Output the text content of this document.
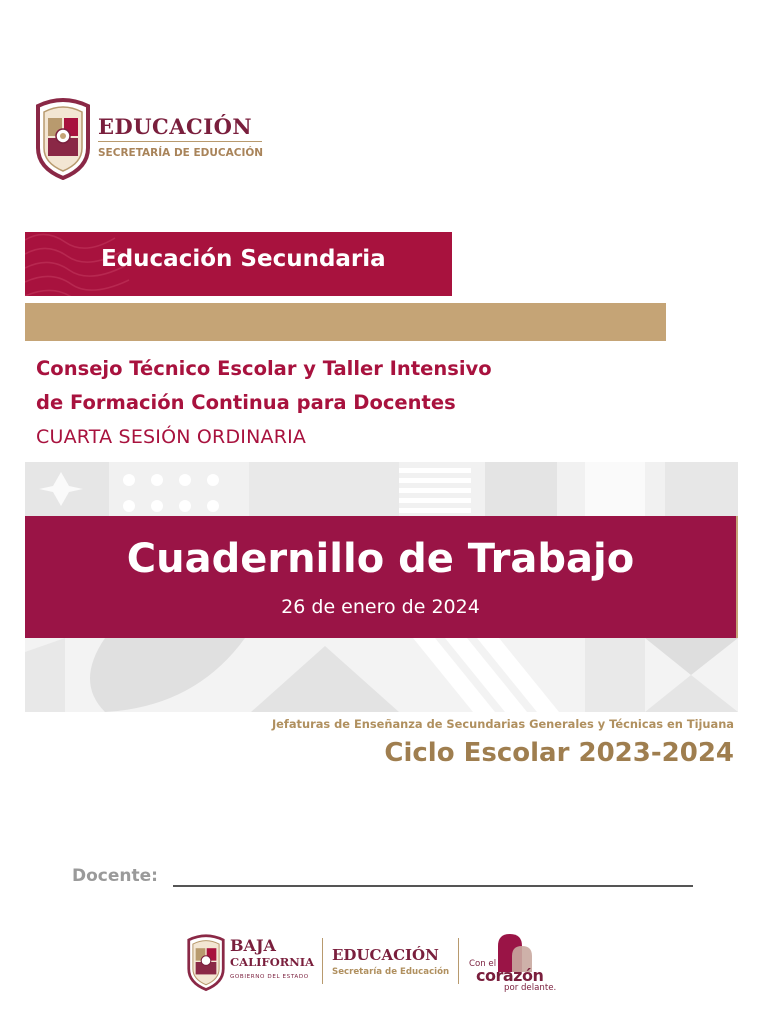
EDUCACIÓN
SECRETARÍA DE EDUCACIÓN
Educación Secundaria
Consejo Técnico Escolar y Taller Intensivo
de Formación Continua para Docentes
CUARTA SESIÓN ORDINARIA
Cuadernillo de Trabajo
26 de enero de 2024
Jefaturas de Enseñanza de Secundarias Generales y Técnicas en Tijuana
Ciclo Escolar 2023-2024
Docente:
BAJA
CALIFORNIA
GOBIERNO DEL ESTADO
EDUCACIÓN
Secretaría de Educación
Con el
corazón
por delante.
